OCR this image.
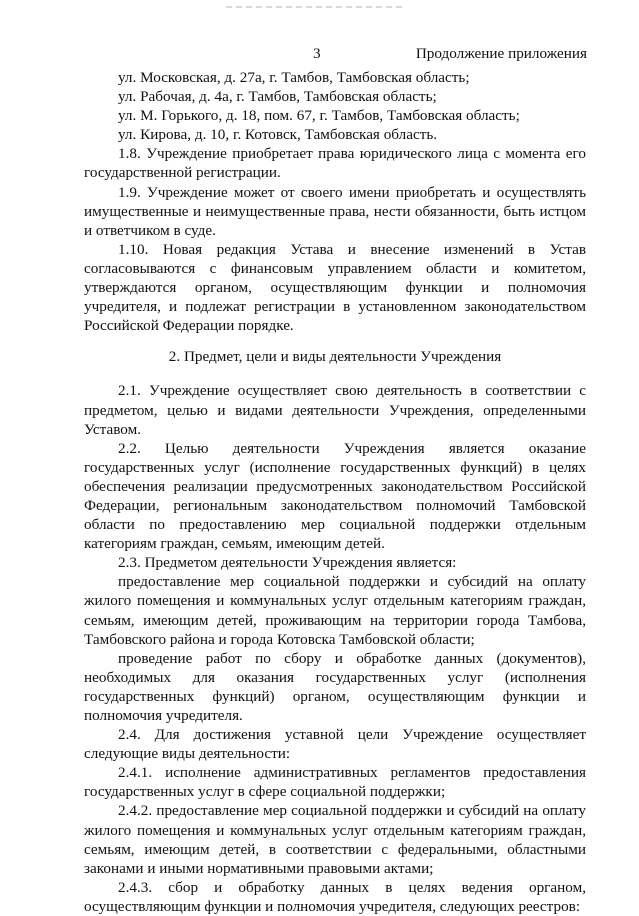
3	Продолжение приложения

ул. Московская, д. 27а, г. Тамбов, Тамбовская область;

ул. Рабочая, д. 4а, г. Тамбов, Тамбовская область;

ул. М. Горького, д. 18, пом. 67, г. Тамбов, Тамбовская область;

ул. Кирова, д. 10, г. Котовск, Тамбовская область.

1.8. Учреждение приобретает права юридического лица с момента его государственной регистрации.

1.9. Учреждение может от своего имени приобретать и осуществлять имущественные и неимущественные права, нести обязанности, быть истцом и ответчиком в суде.

1.10. Новая редакция Устава и внесение изменений в Устав согласовываются с финансовым управлением области и комитетом, утверждаются органом, осуществляющим функции и полномочия учредителя, и подлежат регистрации в установленном законодательством Российской Федерации порядке.

2. Предмет, цели и виды деятельности Учреждения

2.1. Учреждение осуществляет свою деятельность в соответствии с предметом, целью и видами деятельности Учреждения, определенными Уставом.

2.2. Целью деятельности Учреждения является оказание государственных услуг (исполнение государственных функций) в целях обеспечения реализации предусмотренных законодательством Российской Федерации, региональным законодательством полномочий Тамбовской области по предоставлению мер социальной поддержки отдельным категориям граждан, семьям, имеющим детей.

2.3. Предметом деятельности Учреждения является:

предоставление мер социальной поддержки и субсидий на оплату жилого помещения и коммунальных услуг отдельным категориям граждан, семьям, имеющим детей, проживающим на территории города Тамбова, Тамбовского района и города Котовска Тамбовской области;

проведение работ по сбору и обработке данных (документов), необходимых для оказания государственных услуг (исполнения государственных функций) органом, осуществляющим функции и полномочия учредителя.

2.4. Для достижения уставной цели Учреждение осуществляет следующие виды деятельности:

2.4.1. исполнение административных регламентов предоставления государственных услуг в сфере социальной поддержки;

2.4.2. предоставление мер социальной поддержки и субсидий на оплату жилого помещения и коммунальных услуг отдельным категориям граждан, семьям, имеющим детей, в соответствии с федеральными, областными законами и иными нормативными правовыми актами;

2.4.3. сбор и обработку данных в целях ведения органом, осуществляющим функции и полномочия учредителя, следующих реестров:
